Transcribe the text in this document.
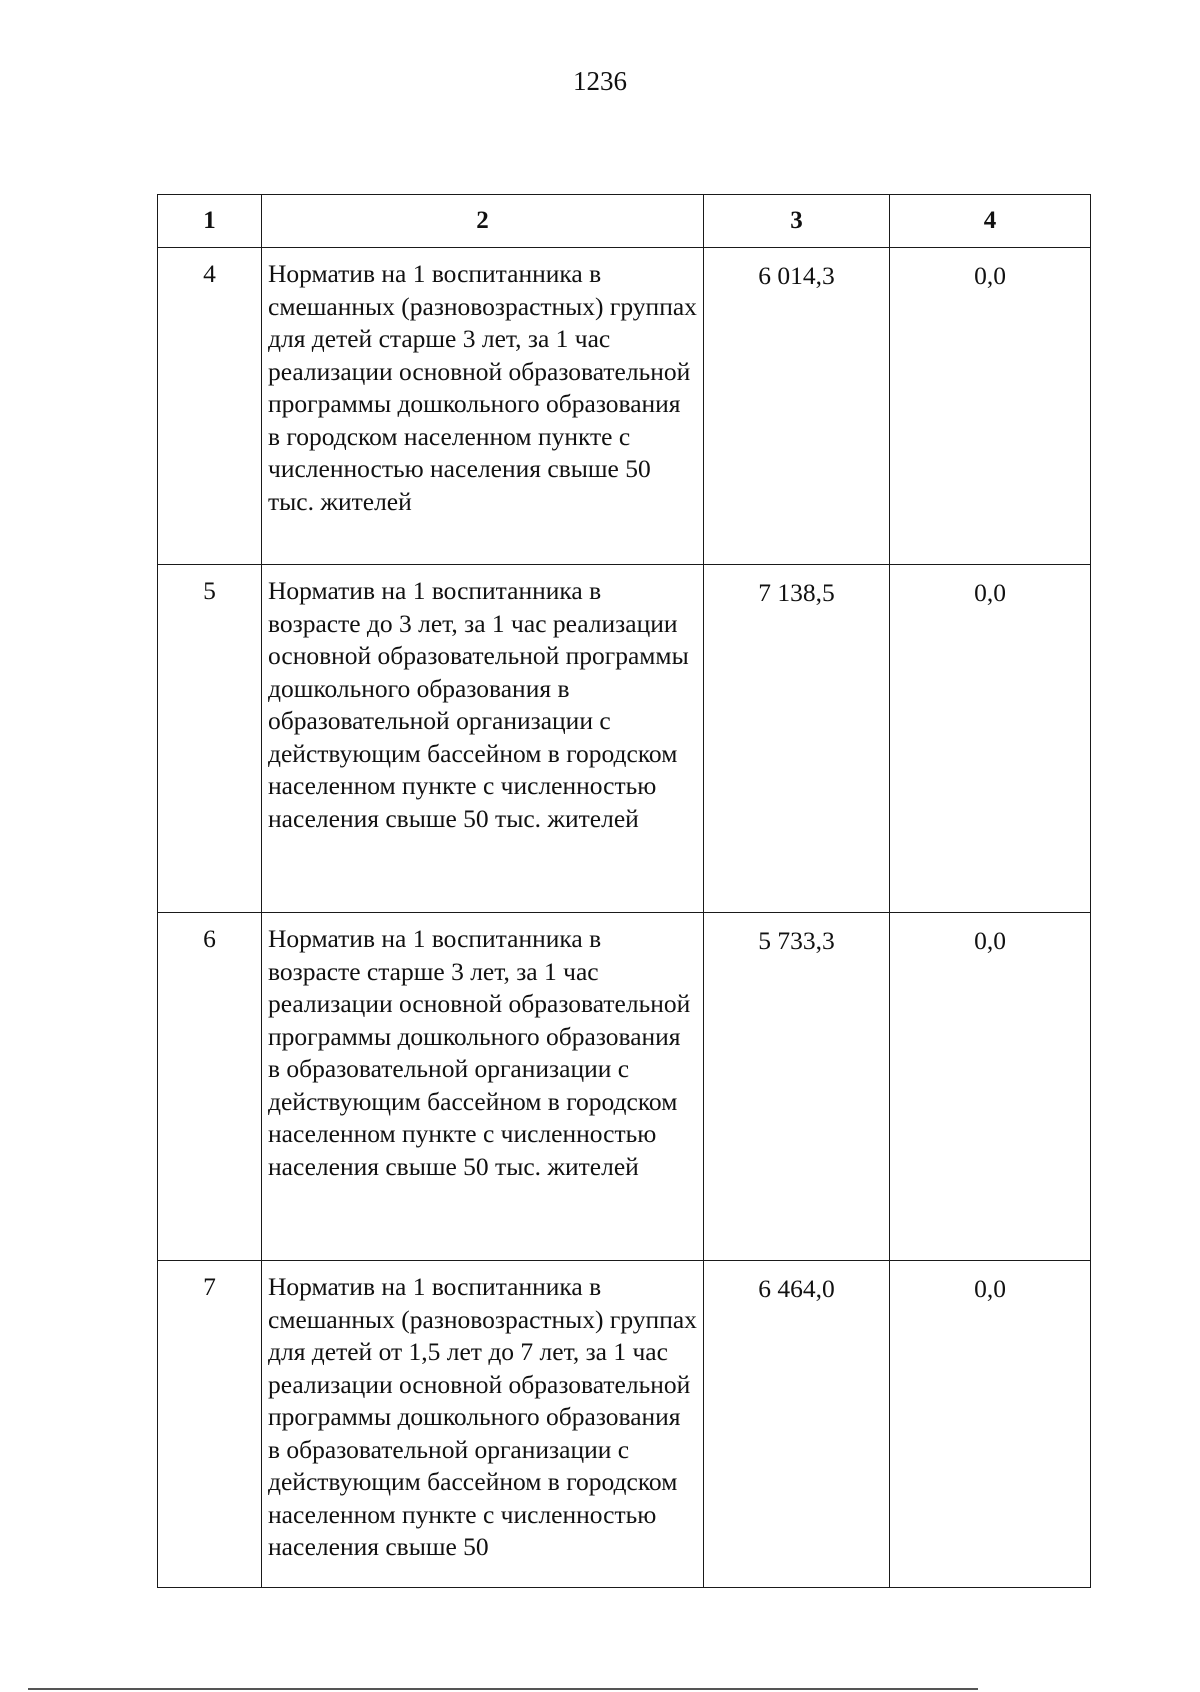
1236
1	2	3	4
4	Норматив на 1 воспитанника в смешанных (разновозрастных) группах для детей старше 3 лет, за 1 час реализации основной образовательной программы дошкольного образования в городском населенном пункте с численностью населения свыше 50 тыс. жителей	6 014,3	0,0
5	Норматив на 1 воспитанника в возрасте до 3 лет, за 1 час реализации основной образовательной программы дошкольного образования в образовательной организации с действующим бассейном в городском населенном пункте с численностью населения свыше 50 тыс. жителей	7 138,5	0,0
6	Норматив на 1 воспитанника в возрасте старше 3 лет, за 1 час реализации основной образовательной программы дошкольного образования в образовательной организации с действующим бассейном в городском населенном пункте с численностью населения свыше 50 тыс. жителей	5 733,3	0,0
7	Норматив на 1 воспитанника в смешанных (разновозрастных) группах для детей от 1,5 лет до 7 лет, за 1 час реализации основной образовательной программы дошкольного образования в образовательной организации с действующим бассейном в городском населенном пункте с численностью населения свыше 50	6 464,0	0,0
